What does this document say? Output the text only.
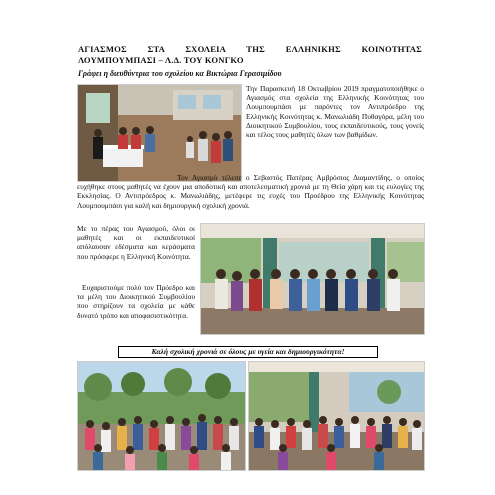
ΑΓΙΑΣΜΟΣ ΣΤΑ ΣΧΟΛΕΙΑ ΤΗΣ ΕΛΛΗΝΙΚΗΣ ΚΟΙΝΟΤΗΤΑΣ
ΛΟΥΜΠΟΥΜΠΑΣΙ – Λ.Δ. ΤΟΥ ΚΟΝΓΚΟ
Γράφει η διευθύντρια του σχολείου κα Βικτώρια Γερασιμίδου
Την Παρασκευή 18 Οκτωβρίου 2019 πραγματοποιήθηκε ο Αγιασμός στα σχολεία της Ελληνικής Κοινότητας του Λουμπουμπάσι με παρόντες τον Αντιπρόεδρο της Ελληνικής Κοινότητας κ. Μανωλιάδη Πυθαγόρα, μέλη του Διοικητικού Συμβουλίου, τους εκπαιδευτικούς, τους γονείς και τέλος τους μαθητές όλων των βαθμίδων.
Τον Αγιασμό τέλεσε ο Σεβαστός Πατέρας Αμβρόσιος Διαμαντίδης, ο οποίος ευχήθηκε στους μαθητές να έχουν μια αποδοτική και αποτελεσματική χρονιά με τη Θεία χάρη και τις ευλογίες της Εκκλησίας. Ο Αντιπρόεδρος κ. Μανωλιάδης, μετέφερε τις ευχές του Προέδρου της Ελληνικής Κοινότητας Λουμπουμπάσι για καλή και δημιουργική σχολική χρονιά.
Με το πέρας του Αγιασμού, όλοι οι μαθητές και οι εκπαιδευτικοί απόλαυσαν εδέσματα και κεράσματα που πρόσφερε η Ελληνική Κοινότητα.
Ευχαριστούμε πολύ τον Πρόεδρο και τα μέλη του Διοικητικού Συμβουλίου που στηρίζουν τα σχολεία με κάθε δυνατό τρόπο και αποφασιστικότητα.
Καλή σχολική χρονιά σε όλους με υγεία και δημιουργικότητα!
